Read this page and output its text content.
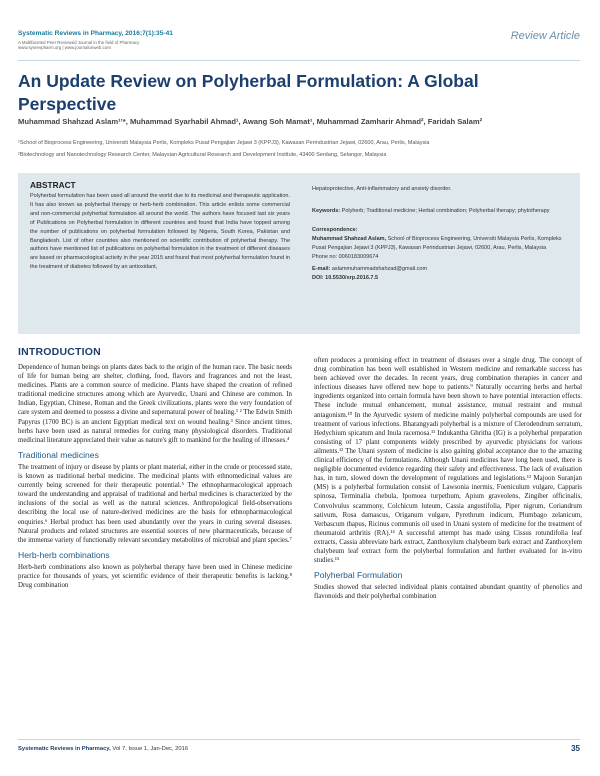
Systematic Reviews in Pharmacy, 2016;7(1):35-41
A Multifaceted Peer Reviewed Journal in the field of Pharmacy
www.sysrevpharm.org | www.journalonweb.com
Review Article
An Update Review on Polyherbal Formulation: A Global Perspective
Muhammad Shahzad Aslam¹ʼ*, Muhammad Syarhabil Ahmad¹, Awang Soh Mamat¹, Muhammad Zamharir Ahmad², Faridah Salam²
¹School of Bioprocess Engineering, Universiti Malaysia Perlis, Kompleks Pusat Pengajian Jejawi 3 (KPPJ3), Kawasan Perindustrian Jejawi, 02600, Arau, Perlis, Malaysia
²Biotechnology and Nanotechnology Research Center, Malaysian Agricultural Research and Development Institute, 43400 Serdang, Selangor, Malaysia
ABSTRACT
Polyherbal formulation has been used all around the world due to its medicinal and therapeutic application. It has also known as polyherbal therapy or herb-herb combination. This article enlists some commercial and non-commercial polyherbal formulation all around the world. The authors have focused last six years of Publications on Polyherbal formulation in different countries and found that India have topped among the number of publications on polyherbal formulation followed by Nigeria, South Korea, Pakistan and Bangladesh. List of other countries also mentioned on scientific contribution of polyherbal therapy. The authors have mentioned list of publications on polyherbal formulation in the treatment of different diseases are based on pharmacological activity in the year 2015 and found that most polyherbal formulation found in the treatment of diabetes followed by an antioxidant,

Hepatoprotective, Anti-inflammatory and anxiety disorder.

Keywords: Polyherb; Traditional medicine; Herbal combination; Polyherbal therapy; phytotherapy

Correspondence:

Muhammad Shahzad Aslam, School of Bioprocess Engineering, Universiti Malaysia Perlis, Kompleks Pusat Pengajian Jejawi 3 (KPPJ3), Kawasan Perindustrian Jejawi, 02600, Arau, Perlis, Malaysia

Phone no: 0060183009674

E-mail: aslammuhammadshahzad@gmail.com

DOI: 10.5530/srp.2016.7.5

INTRODUCTION

Dependence of human beings on plants dates back to the origin of the human race. The basic needs of life for human being are shelter, clothing, food, flavors and fragrances and not the least, medicines. Plants are a common source of medicine. Plants have shaped the creation of refined traditional medicine structures among which are Ayurvedic, Unani and Chinese are common. In Indian, Egyptian, Chinese, Roman and the Greek civilizations, plants were the very foundation of care system and deemed to possess a divine and supernatural power of healing.¹ ² The Edwin Smith Papyrus (1700 BC) is an ancient Egyptian medical text on wound healing.³ Since ancient times, herbs have been used as natural remedies for curing many physiological disorders. Traditional medicinal literature appreciated their value as nature's gift to mankind for the healing of illnesses.⁴

Traditional medicines

The treatment of injury or disease by plants or plant material, either in the crude or processed state, is known as traditional herbal medicine. The medicinal plants with ethnomedicinal values are currently being screened for their therapeutic potential.⁵ The ethnopharmacological approach toward the understanding and appraisal of traditional and herbal medicines is characterized by the inclusions of the social as well as the natural sciences. Anthropological field-observations describing the local use of nature-derived medicines are the basis for ethnopharmacological enquiries.⁶ Herbal product has been used abundantly over the years in curing several diseases. Natural products and related structures are essential sources of new pharmaceuticals, because of the immense variety of functionally relevant secondary metabolites of microbial and plant species.⁷

Herb-herb combinations

Herb-herb combinations also known as polyherbal therapy have been used in Chinese medicine practice for thousands of years, yet scientific evidence of their therapeutic benefits is lacking.⁸ Drug combination

often produces a promising effect in treatment of diseases over a single drug. The concept of drug combination has been well established in Western medicine and remarkable success has been achieved over the decades. In recent years, drug combination therapies in cancer and infectious diseases have offered new hope to patients.⁹ Naturally occurring herbs and herbal ingredients organized into certain formula have been shown to have potential interaction effects. These include mutual enhancement, mutual assistance, mutual restraint and mutual antagonism.¹⁰ In the Ayurvedic system of medicine mainly polyherbal compounds are used for treatment of various infections. Bharangyadi polyherbal is a mixture of Clerodendrum serratum, Hedychium spicatum and Inula racemosa.¹¹ Indukantha Ghritha (IG) is a polyherbal preparation consisting of 17 plant components widely prescribed by ayurvedic physicians for various ailments.¹² The Unani system of medicine is also gaining global acceptance due to the amazing clinical efficiency of the formulations. Although Unani medicines have long been used, there is negligible documented evidence regarding their safety and effectiveness. The lack of evaluation has, in turn, slowed down the development of regulations and legislations.¹³ Majoon Suranjan (MS) is a polyherbal formulation consist of Lawsonia inermis, Foeniculum vulgare, Capparis spinosa, Terminalia chebula, Ipomoea turpethum, Apium graveolens, Zingiber officinalis, Convolvulus scammony, Colchicum luteum, Cassia angustifolia, Piper nigrum, Coriandrum sativum, Rosa damascus, Origanum vulgare, Pyrethrum indicum, Plumbago zelanicum, Verbascum thapus, Ricinus communis oil used in Unani system of medicine for the treatment of rheumatoid arthritis (RA).¹⁴ A successful attempt has made using Cissus rotundifolia leaf extracts, Cassia abbreviate bark extract, Zanthoxylum chalybeum bark extract and Zanthoxylem chalybeum leaf extract form the polyherbal formulation and further evaluated for in-vitro studies.¹⁵

Polyherbal Formulation

Studies showed that selected individual plants contained abundant quantity of phenolics and flavonoids and their polyherbal combination

Systematic Reviews in Pharmacy, Vol 7, Issue 1, Jan-Dec, 2016	35
